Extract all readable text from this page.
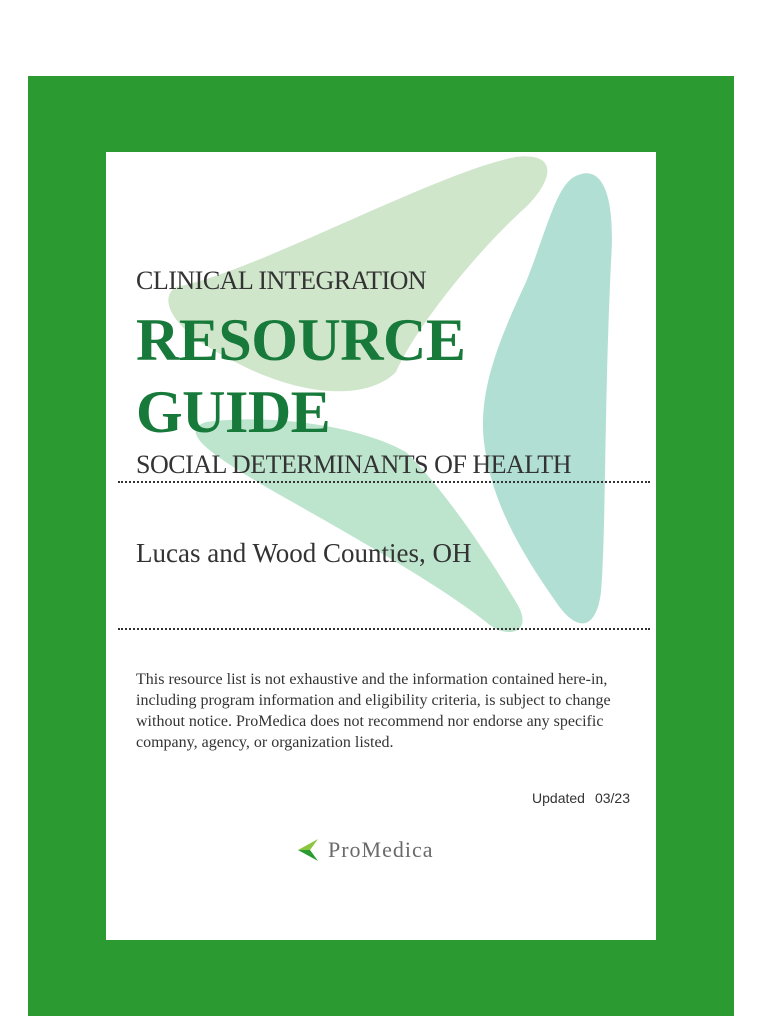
CLINICAL INTEGRATION
RESOURCE
GUIDE
SOCIAL DETERMINANTS OF HEALTH
Lucas and Wood Counties, OH
This resource list is not exhaustive and the information contained here-in, including program information and eligibility criteria, is subject to change without notice. ProMedica does not recommend nor endorse any specific company, agency, or organization listed.
Updated 03/23
ProMedica
